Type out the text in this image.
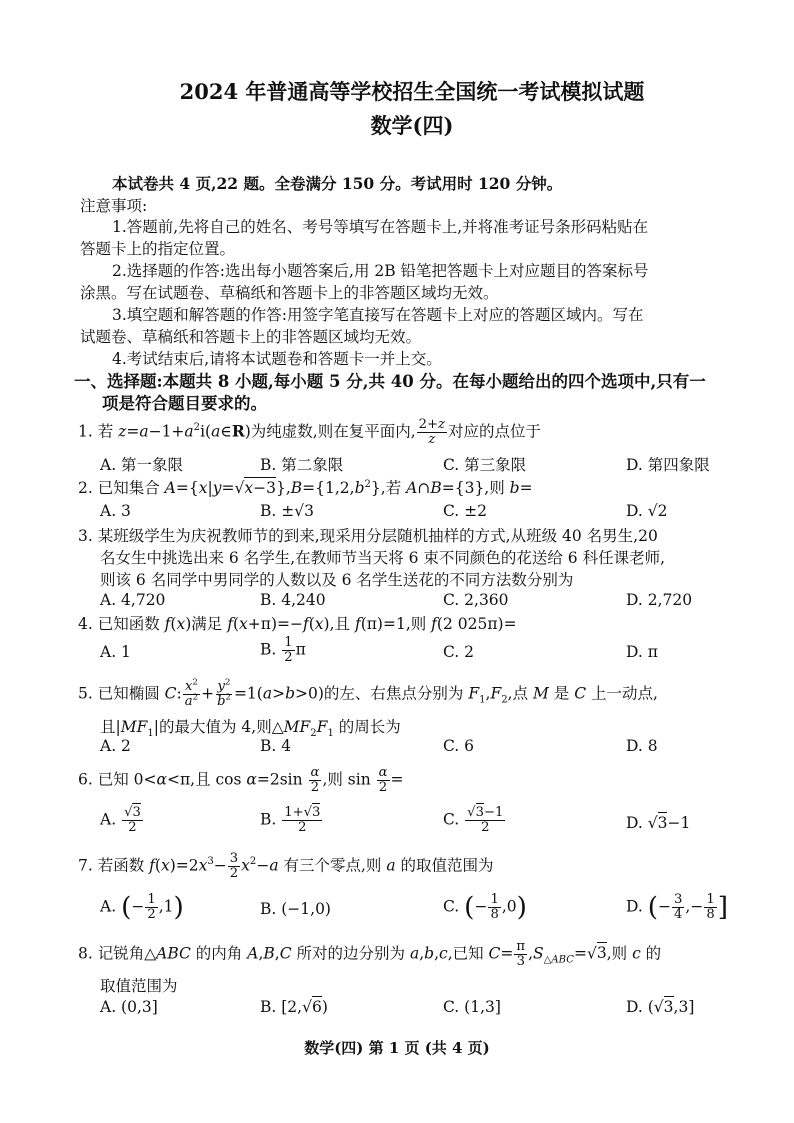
2024 年普通高等学校招生全国统一考试模拟试题
数学(四)
本试卷共 4 页,22 题。全卷满分 150 分。考试用时 120 分钟。
注意事项:
1.答题前,先将自己的姓名、考号等填写在答题卡上,并将准考证号条形码粘贴在
答题卡上的指定位置。
2.选择题的作答:选出每小题答案后,用 2B 铅笔把答题卡上对应题目的答案标号
涂黑。写在试题卷、草稿纸和答题卡上的非答题区域均无效。
3.填空题和解答题的作答:用签字笔直接写在答题卡上对应的答题区域内。写在
试题卷、草稿纸和答题卡上的非答题区域均无效。
4.考试结束后,请将本试题卷和答题卡一并上交。
一、选择题:本题共 8 小题,每小题 5 分,共 40 分。在每小题给出的四个选项中,只有一
项是符合题目要求的。
1. 若 $z=a-1+a^2i(a\in R)$为纯虚数,则在复平面内, $\frac{2+z}{z}$ 对应的点位于
A. 第一象限	B. 第二象限	C. 第三象限	D. 第四象限
2. 已知集合 $A=\{x|y=√x-3\},B=\{1,2,b^2\}$,若 A∩B={3},则 b=
A. 3	B. ±√3	C. ±2	D. √2
3. 某班级学生为庆祝教师节的到来,现采用分层随机抽样的方式,从班级 40 名男生,20
名女生中挑选出来 6 名学生,在教师节当天将 6 束不同颜色的花送给 6 科任课老师,
则该 6 名同学中男同学的人数以及 6 名学生送花的不同方法数分别为
A. 4,720	B. 4,240	C. 2,360	D. 2,720
4. 已知函数 f(x)满足 f(x+π)=−f(x),且 f(π)=1,则 f(2 025π)=
A. 1	B. $\frac{1}{2}$ π	C. 2	D. π
5. 已知椭圆 C: $\frac{x^2}{a^2} + \frac{y^2}{b^2} =1(a>b>0)$的左、右焦点分别为 $F_1,F_2$,点 M 是 C 上一动点,
且$|MF_1|$的最大值为 4,则$\triangle MF_2F_1$ 的周长为
A. 2	B. 4	C. 6	D. 8
6. 已知 0<α<π,且 $\cos \alpha=2\sin \frac{\alpha}{2}$ ,则 $\sin \frac{\alpha}{2}$ =
A. $\frac{√3}{2}$	B. $\frac{1+√3}{2}$	C. $\frac{√3-1}{2}$	D. √3−1
7. 若函数 $f(x)=2x^3- \frac{3}{2} x^2-a$ 有三个零点,则 a 的取值范围为
A. (− $\frac{1}{2} ,1$)	B. (−1,0)	C. (− $\frac{1}{8} ,0$)	D. (− $\frac{3}{4}$ ,− $\frac{1}{8}$ ]
8. 记锐角△ABC 的内角 A,B,C 所对的边分别为 a,b,c,已知 $C= \frac{\pi}{3} ,S_{\triangle ABC}=√3$,则 c 的
取值范围为
A. (0,3]	B. [2,√6)	C. (1,3]	D. (√3,3]
数学(四) 第 1 页 (共 4 页)
